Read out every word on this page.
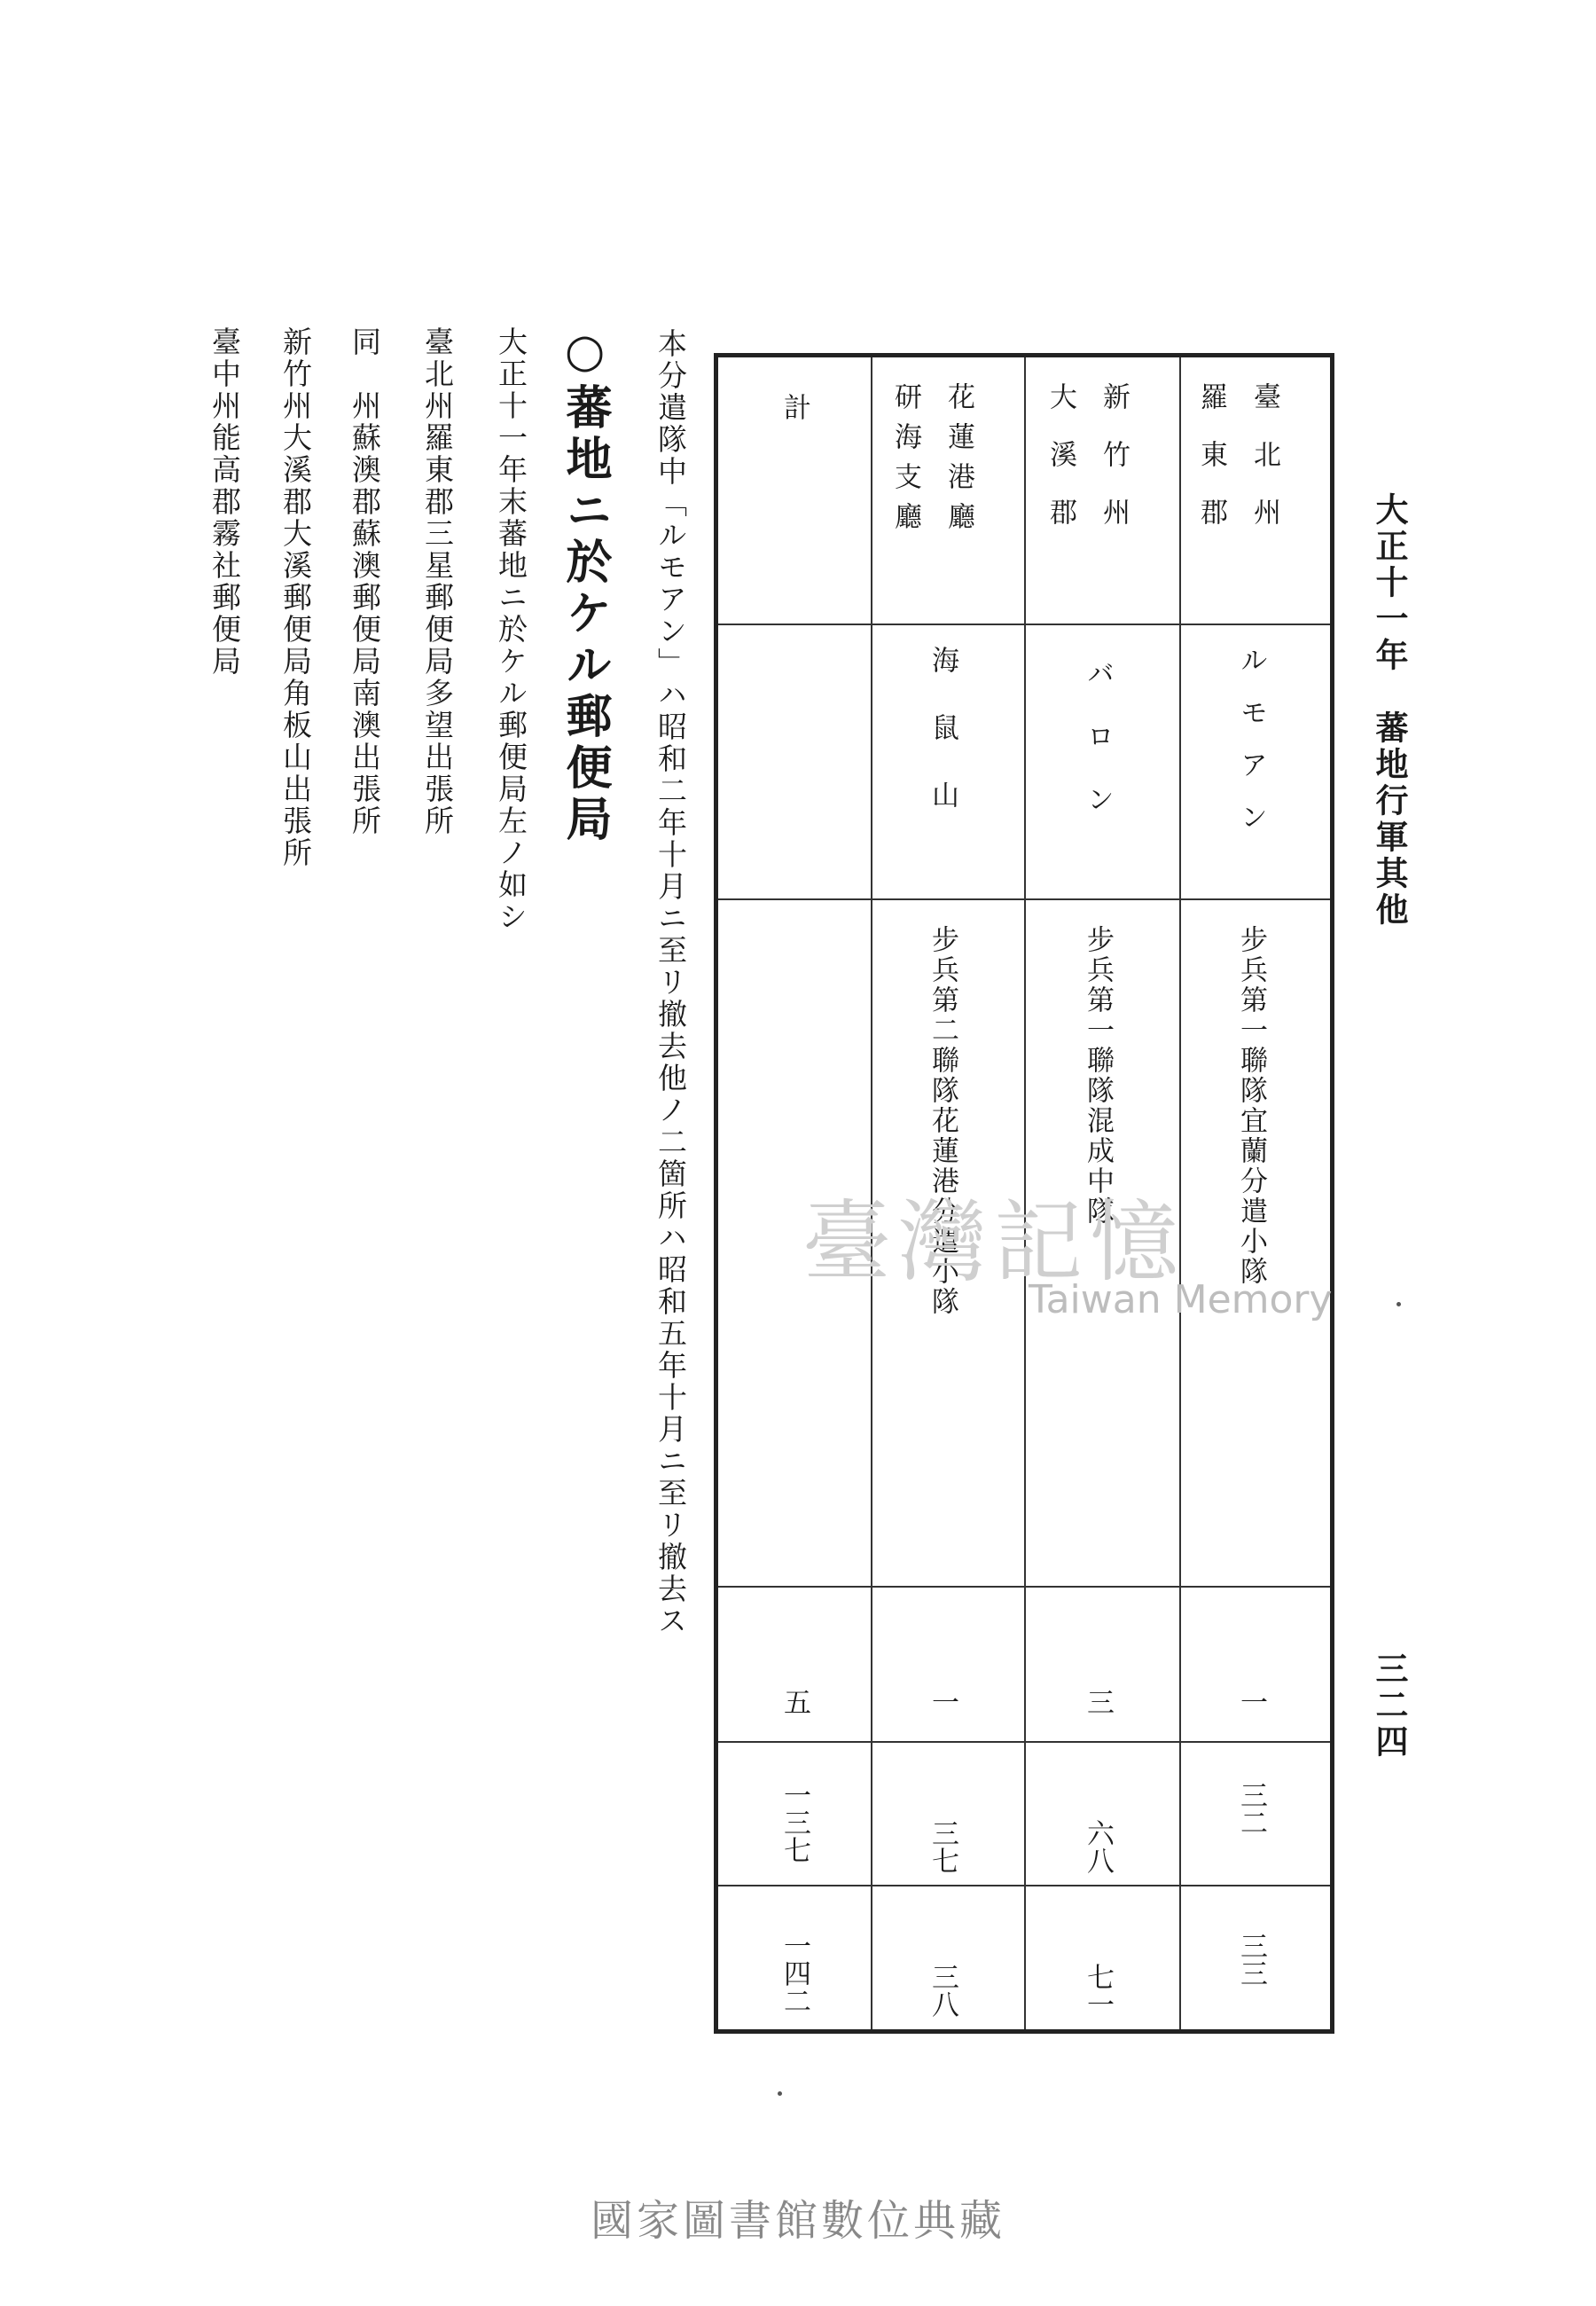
大正十一年　蕃地行軍其他
三二四
臺北州
羅東郡
ルモアン
步兵第一聯隊宜蘭分遣小隊
一
三二
三三
新竹州
大溪郡
バロン
步兵第一聯隊混成中隊
三
六八
七一
花蓮港廳
研海支廳
海鼠山
步兵第二聯隊花蓮港分遣小隊
一
三七
三八
計
五
一三七
一四二
本分遣隊中「ルモアン」ハ昭和二年十月ニ至リ撤去他ノ二箇所ハ昭和五年十月ニ至リ撤去ス
○蕃地ニ於ケル郵便局
大正十一年末蕃地ニ於ケル郵便局左ノ如シ
臺北州羅東郡三星郵便局多望出張所
同　州蘇澳郡蘇澳郵便局南澳出張所
新竹州大溪郡大溪郵便局角板山出張所
臺中州能高郡霧社郵便局
臺灣記憶
Taiwan Memory
國家圖書館數位典藏
